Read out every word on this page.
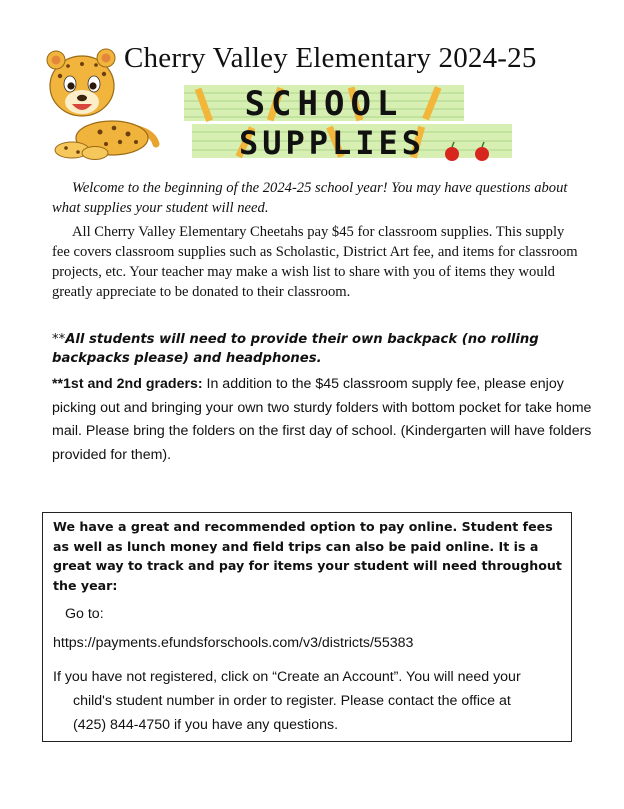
Cherry Valley Elementary 2024-25
SCHOOL
SUPPLIES
Welcome to the beginning of the 2024-25 school year! You may have questions about what supplies your student will need.
All Cherry Valley Elementary Cheetahs pay $45 for classroom supplies. This supply fee covers classroom supplies such as Scholastic, District Art fee, and items for classroom projects, etc. Your teacher may make a wish list to share with you of items they would greatly appreciate to be donated to their classroom.
**All students will need to provide their own backpack (no rolling backpacks please) and headphones.
**1st and 2nd graders: In addition to the $45 classroom supply fee, please enjoy picking out and bringing your own two sturdy folders with bottom pocket for take home mail. Please bring the folders on the first day of school. (Kindergarten will have folders provided for them).
We have a great and recommended option to pay online. Student fees as well as lunch money and field trips can also be paid online. It is a great way to track and pay for items your student will need throughout the year:
Go to:
https://payments.efundsforschools.com/v3/districts/55383
If you have not registered, click on “Create an Account”. You will need your
child's student number in order to register. Please contact the office at
(425) 844-4750 if you have any questions.
